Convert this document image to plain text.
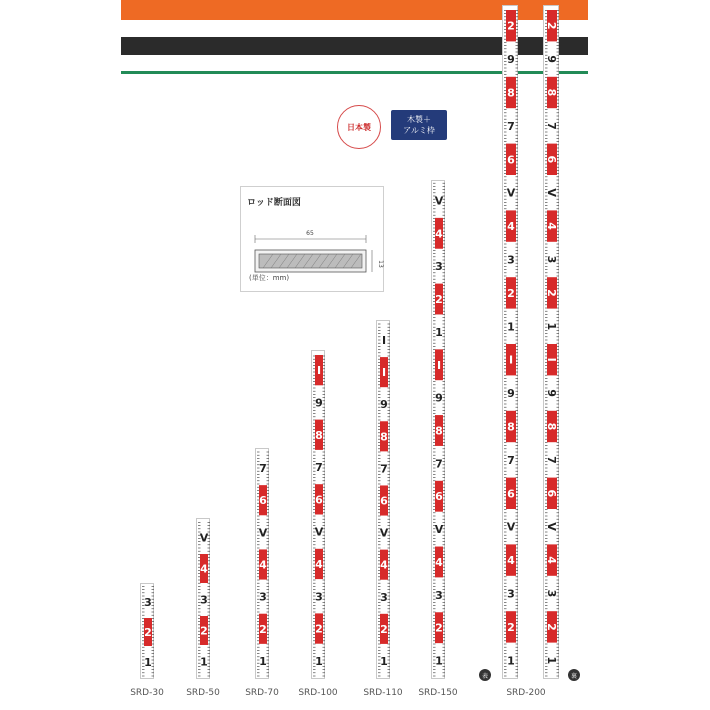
日本製
木製＋
アルミ枠
ロッド断面図
65
13
(単位：mm)
1
2
3
1
2
3
4
V
1
2
3
4
V
6
7
1
2
3
4
V
6
7
8
9
I
1
2
3
4
V
6
7
8
9
I
I
1
2
3
4
V
6
7
8
9
I
1
2
3
4
V
1
2
3
4
V
6
7
8
9
I
1
2
3
4
V
6
7
8
9
2
1
2
3
4
V
6
7
8
9
I
1
2
3
4
V
6
7
8
9
2
SRD-30 SRD-50	SRD-70 SRD-100	SRD-110 SRD-150	SRD-200
表	裏
